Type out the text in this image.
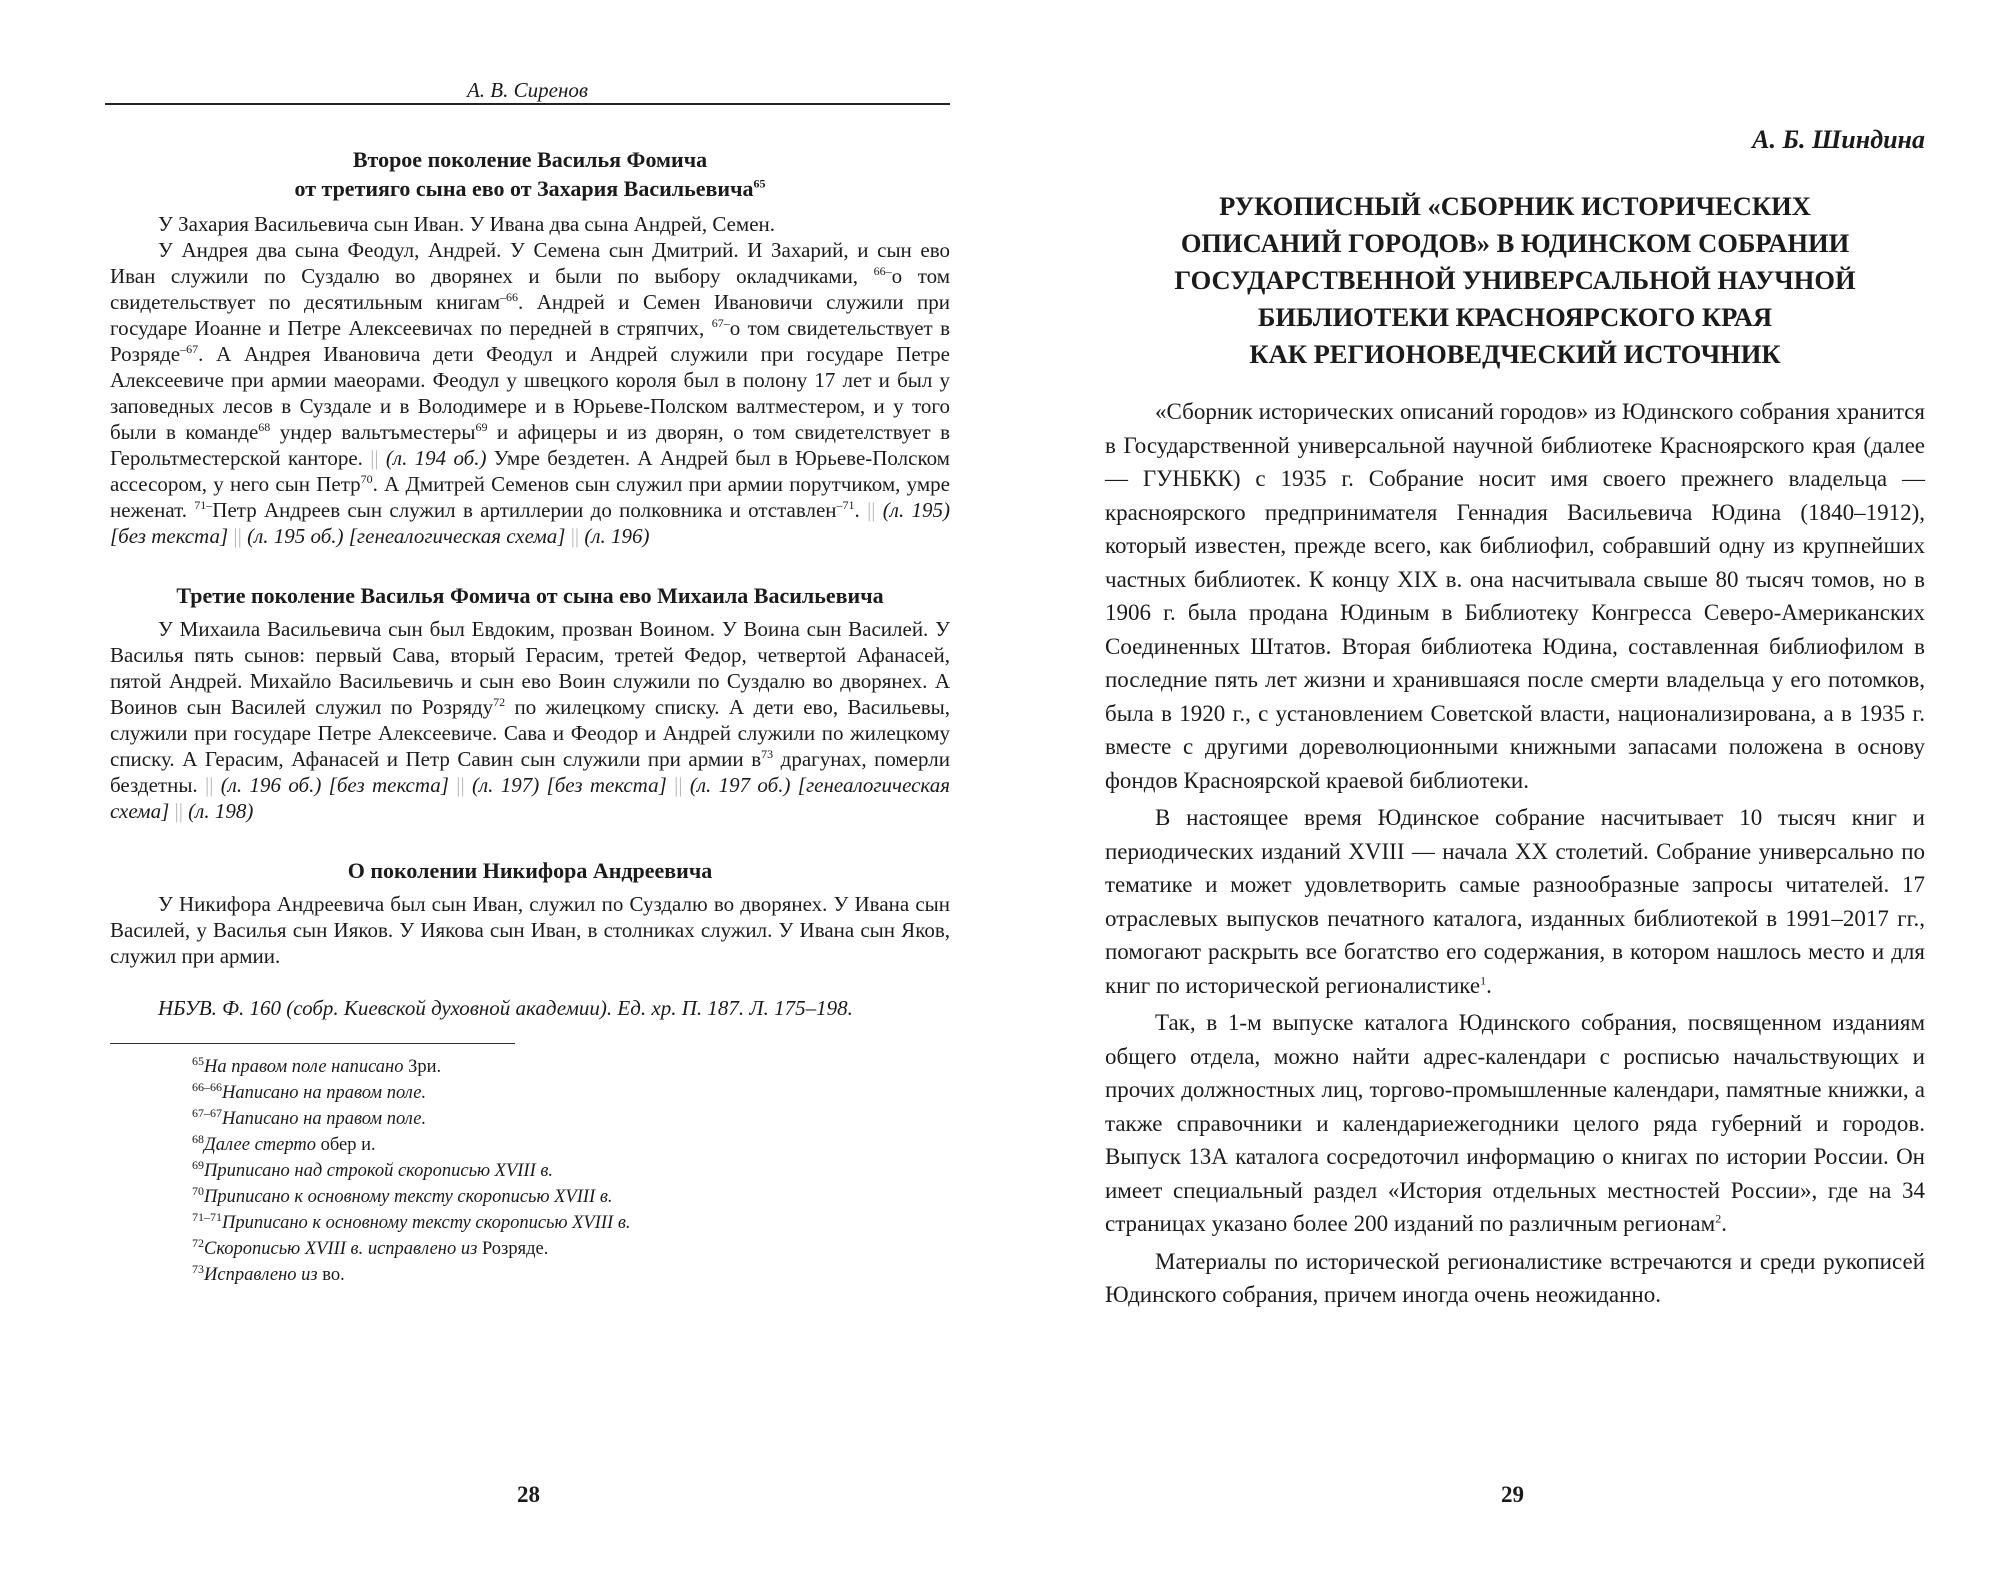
А. В. Сиренов
Второе поколение Василья Фомича
от третияго сына ево от Захария Васильевича$^{65}$

У Захария Васильевича сын Иван. У Ивана два сына Андрей, Семен.

У Андрея два сына Феодул, Андрей. У Семена сын Дмитрий. И Захарий, и сын ево Иван служили по Суздалю во дворянех и были по выбору окладчиками, $^{66-}$о том свидетельствует по десятильным книгам$^{-66}$. Андрей и Семен Ивановичи служили при государе Иоанне и Петре Алексеевичах по передней в стряпчих, $^{67-}$о том свидетельствует в Розряде$^{-67}$. А Андрея Ивановича дети Феодул и Андрей служили при государе Петре Алексеевиче при армии маеорами. Феодул у швецкого короля был в полону 17 лет и был у заповедных лесов в Суздале и в Володимере и в Юрьеве-Полском валтместером, и у того были в команде$^{68}$ ундер вальтъместеры$^{69}$ и афицеры и из дворян, о том свидетелствует в Герольтместерской канторе. || (л. 194 об.) Умре бездетен. А Андрей был в Юрьеве-Полском ассесором, у него сын Петр$^{70}$. А Дмитрей Семенов сын служил при армии порутчиком, умре неженат. $^{71-}$Петр Андреев сын служил в артиллерии до полковника и отставлен$^{-71}$. || (л. 195) [без текста] || (л. 195 об.) [генеалогическая схема] || (л. 196)

Третие поколение Василья Фомича от сына ево Михаила Васильевича

У Михаила Васильевича сын был Евдоким, прозван Воином. У Воина сын Василей. У Василья пять сынов: первый Сава, вторый Герасим, третей Федор, четвертой Афанасей, пятой Андрей. Михайло Васильевичь и сын ево Воин служили по Суздалю во дворянех. А Воинов сын Василей служил по Розряду$^{72}$ по жилецкому списку. А дети ево, Васильевы, служили при государе Петре Алексеевиче. Сава и Феодор и Андрей служили по жилецкому списку. А Герасим, Афанасей и Петр Савин сын служили при армии $в^{73}$ драгунах, померли бездетны. || (л. 196 об.) [без текста] || (л. 197) [без текста] || (л. 197 об.) [генеалогическая схема] || (л. 198)

О поколении Никифора Андреевича

У Никифора Андреевича был сын Иван, служил по Суздалю во дворянех. У Ивана сын Василей, у Василья сын Ияков. У Иякова сын Иван, в столниках служил. У Ивана сын Яков, служил при армии.

НБУВ. Ф. 160 (собр. Киевской духовной академии). Ед. хр. П. 187. Л. 175–198.

$^{65}$На правом поле написано Зри.

$^{66-66}$Написано на правом поле.

$^{67-67}$Написано на правом поле.

$^{68}$Далее стерто обер и.

$^{69}$Приписано над строкой скорописью XVIII в.

$^{70}$Приписано к основному тексту скорописью XVIII в.

$^{71-71}$Приписано к основному тексту скорописью XVIII в.

$^{72}$Скорописью XVIII в. исправлено из Розряде.

$^{73}$Исправлено из во.

28
А. Б. Шиндина
РУКОПИСНЫЙ «СБОРНИК ИСТОРИЧЕСКИХ
ОПИСАНИЙ ГОРОДОВ» В ЮДИНСКОМ СОБРАНИИ
ГОСУДАРСТВЕННОЙ УНИВЕРСАЛЬНОЙ НАУЧНОЙ
БИБЛИОТЕКИ КРАСНОЯРСКОГО КРАЯ
КАК РЕГИОНОВЕДЧЕСКИЙ ИСТОЧНИК

«Сборник исторических описаний городов» из Юдинского собрания хранится в Государственной универсальной научной библиотеке Красноярского края (далее — ГУНБКК) с 1935 г. Собрание носит имя своего прежнего владельца — красноярского предпринимателя Геннадия Васильевича Юдина (1840–1912), который известен, прежде всего, как библиофил, собравший одну из крупнейших частных библиотек. К концу XIX в. она насчитывала свыше 80 тысяч томов, но в 1906 г. была продана Юдиным в Библиотеку Конгресса Северо-Американских Соединенных Штатов. Вторая библиотека Юдина, составленная библиофилом в последние пять лет жизни и хранившаяся после смерти владельца у его потомков, была в 1920 г., с установлением Советской власти, национализирована, а в 1935 г. вместе с другими дореволюционными книжными запасами положена в основу фондов Красноярской краевой библиотеки.

В настоящее время Юдинское собрание насчитывает 10 тысяч книг и периодических изданий XVIII — начала XX столетий. Собрание универсально по тематике и может удовлетворить самые разнообразные запросы читателей. 17 отраслевых выпусков печатного каталога, изданных библиотекой в 1991–2017 гг., помогают раскрыть все богатство его содержания, в котором нашлось место и для книг по исторической регионалистике$^1$.

Так, в 1-м выпуске каталога Юдинского собрания, посвященном изданиям общего отдела, можно найти адрес-календари с росписью начальствующих и прочих должностных лиц, торгово-промышленные календари, памятные книжки, а также справочники и календариежегодники целого ряда губерний и городов. Выпуск 13А каталога сосредоточил информацию о книгах по истории России. Он имеет специальный раздел «История отдельных местностей России», где на 34 страницах указано более 200 изданий по различным регионам$^2$.

Материалы по исторической регионалистике встречаются и среди рукописей Юдинского собрания, причем иногда очень неожиданно.

29
